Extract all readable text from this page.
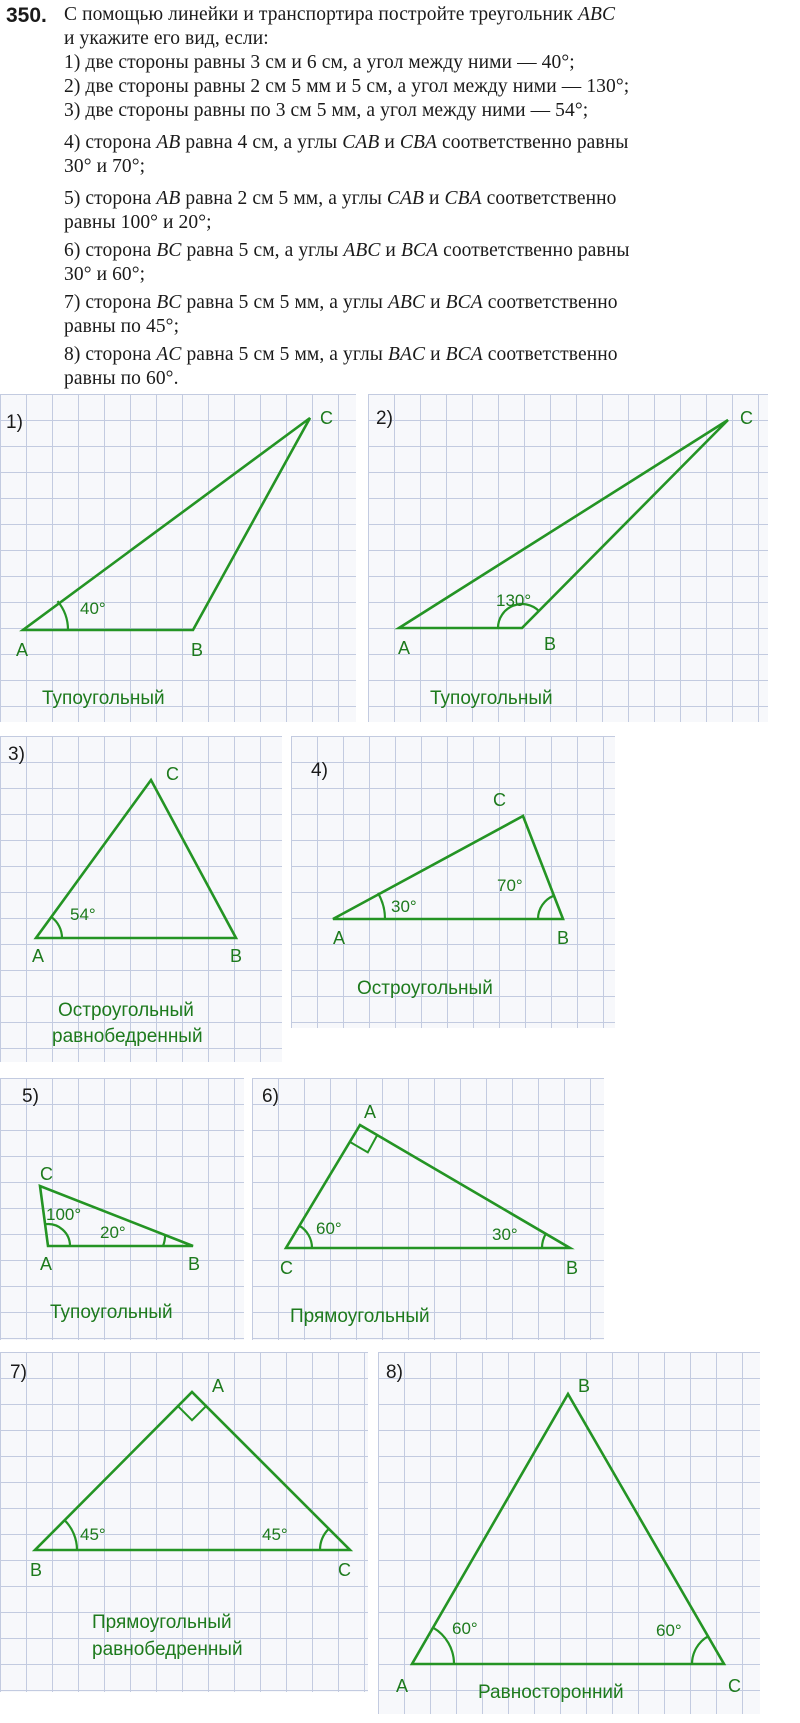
350. С помощью линейки и транспортира постройте треугольник ABC
и укажите его вид, если:
1) две стороны равны 3 см и 6 см, а угол между ними — 40°;
2) две стороны равны 2 см 5 мм и 5 см, а угол между ними — 130°;
3) две стороны равны по 3 см 5 мм, а угол между ними — 54°;
4) сторона AB равна 4 см, а углы CAB и CBA соответственно равны
30° и 70°;
5) сторона AB равна 2 см 5 мм, а углы CAB и CBA соответственно
равны 100° и 20°;
6) сторона BC равна 5 см, а углы ABC и BCA соответственно равны
30° и 60°;
7) сторона BC равна 5 см 5 мм, а углы ABC и BCA соответственно
равны по 45°;
8) сторона AC равна 5 см 5 мм, а углы BAC и BCA соответственно
равны по 60°.
1)
40°
A	B
C
Тупоугольный
2)
130°
A	B
C
Тупоугольный
3)
54°
A	B
C
Остроугольный
равнобедренный
4)
30°
70°
A	B
C
Остроугольный
5)
100°
20°
A	B
C
Тупоугольный
6)
60°	30°
C	B
A
Прямоугольный
7)
45°	45°
B	C
A
Прямоугольный
равнобедренный
8)
60°	60°
A	C
B
Равносторонний
